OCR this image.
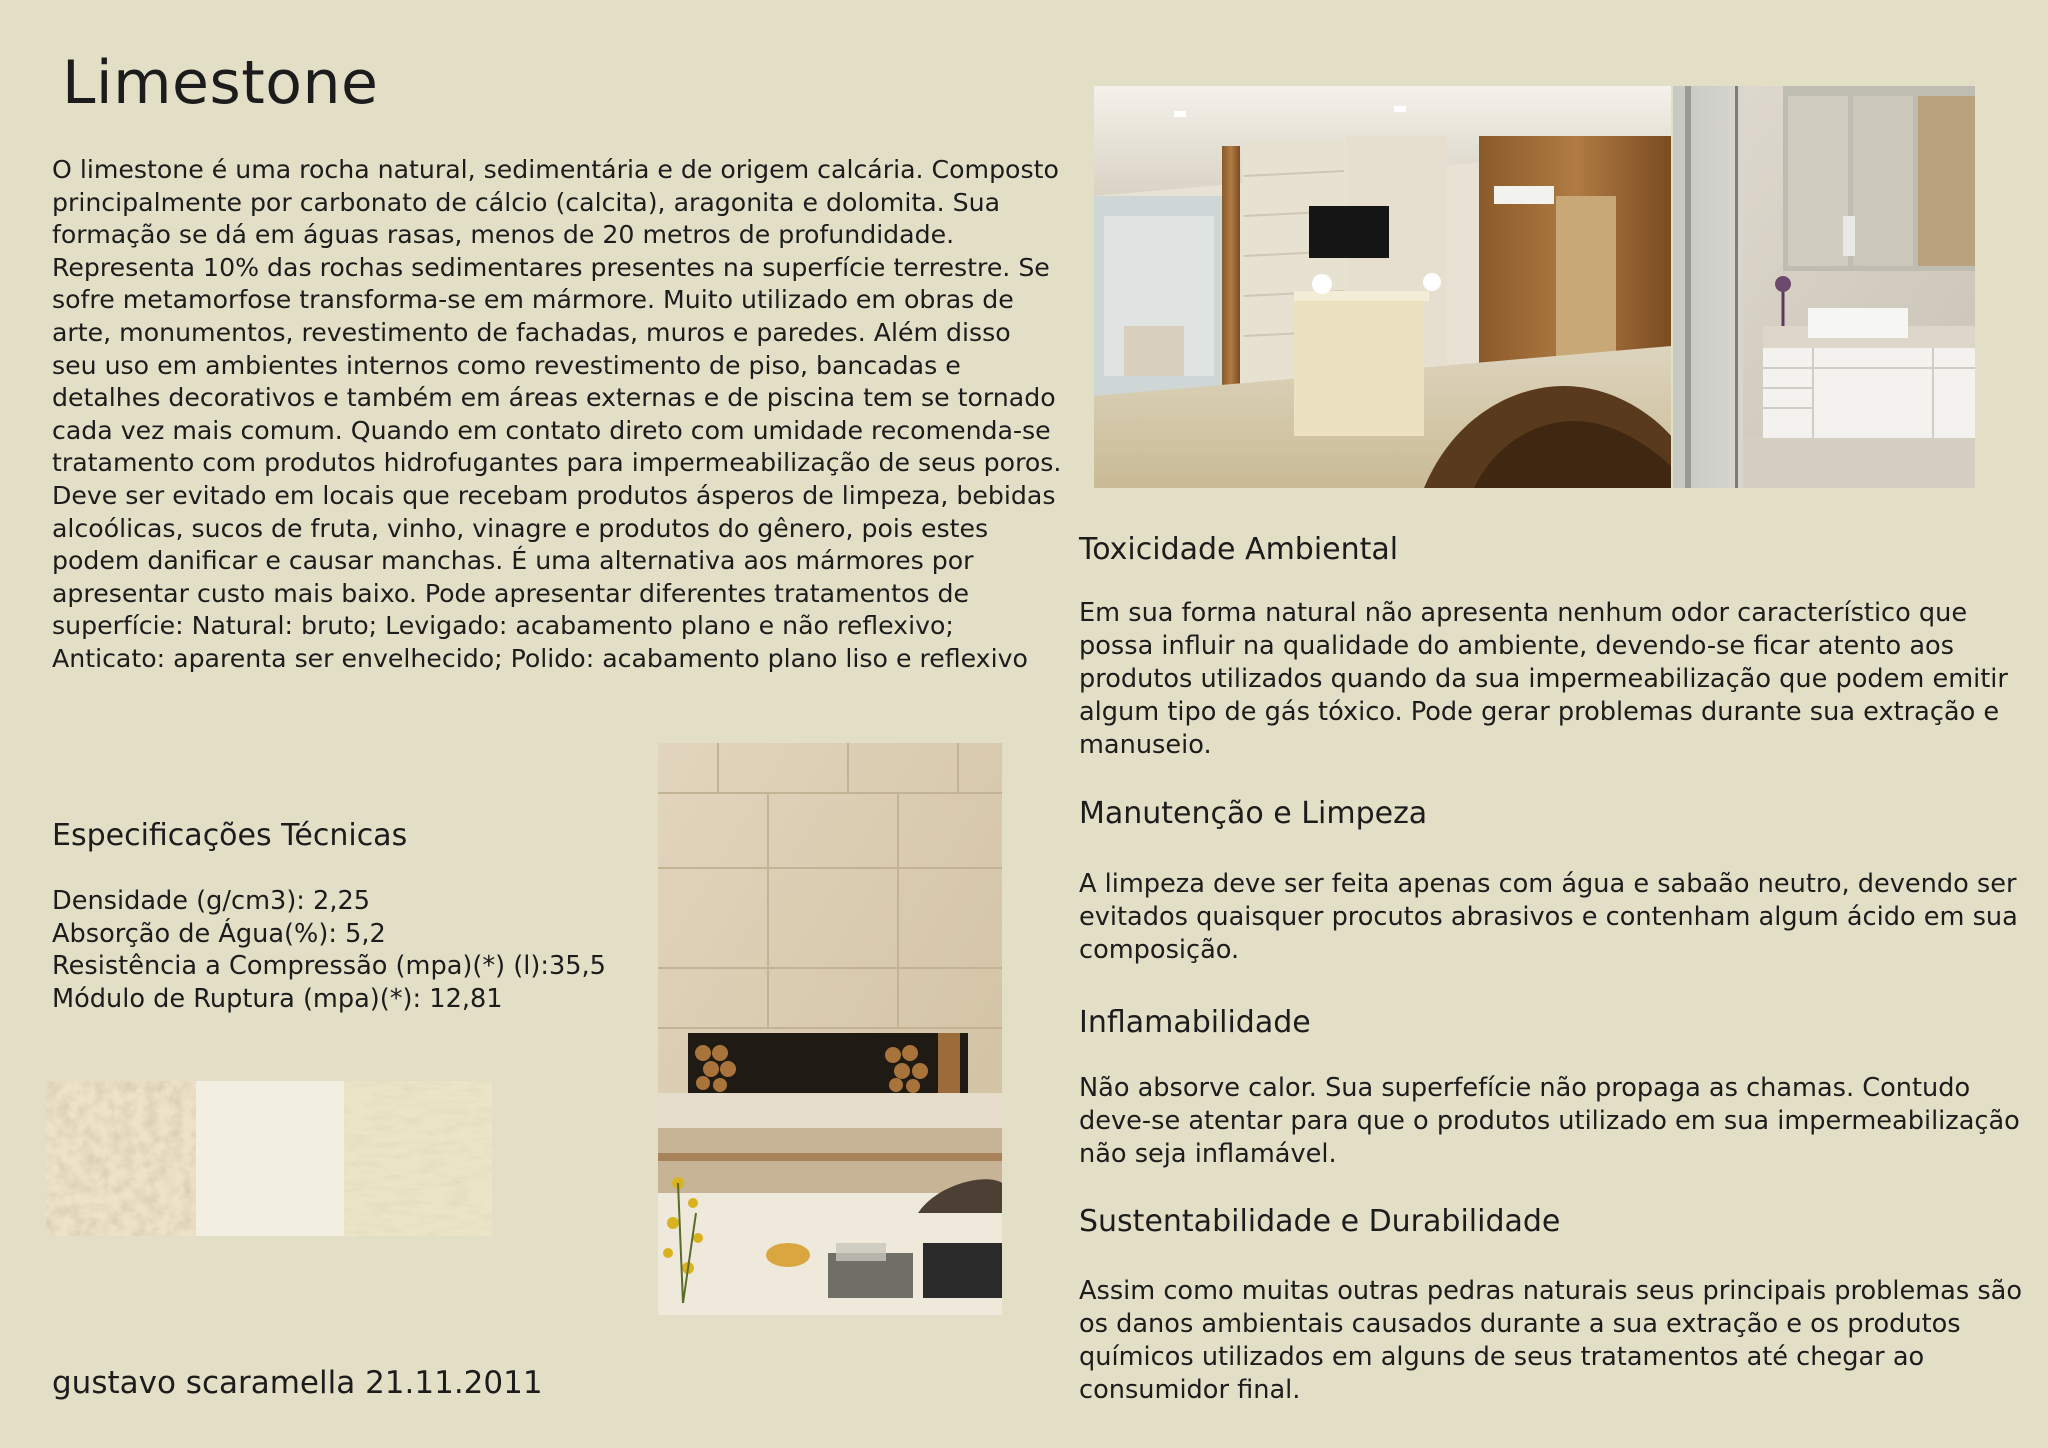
Limestone

O limestone é uma rocha natural, sedimentária e de origem calcária. Composto principalmente por carbonato de cálcio (calcita), aragonita e dolomita. Sua formação se dá em águas rasas, menos de 20 metros de profundidade. Representa 10% das rochas sedimentares presentes na superfície terrestre. Se sofre metamorfose transforma-se em mármore. Muito utilizado em obras de arte, monumentos, revestimento de fachadas, muros e paredes. Além disso seu uso em ambientes internos como revestimento de piso, bancadas e detalhes decorativos e também em áreas externas e de piscina tem se tornado cada vez mais comum. Quando em contato direto com umidade recomenda-se tratamento com produtos hidrofugantes para impermeabilização de seus poros. Deve ser evitado em locais que recebam produtos ásperos de limpeza, bebidas alcoólicas, sucos de fruta, vinho, vinagre e produtos do gênero, pois estes podem danificar e causar manchas. É uma alternativa aos mármores por apresentar custo mais baixo. Pode apresentar diferentes tratamentos de superfície: Natural: bruto; Levigado: acabamento plano e não reflexivo; Anticato: aparenta ser envelhecido; Polido: acabamento plano liso e reflexivo

Especificações Técnicas
Densidade (g/cm3): 2,25
Absorção de Água(%): 5,2
Resistência a Compressão (mpa)(*) (l):35,5
Módulo de Ruptura (mpa)(*): 12,81

gustavo scaramella 21.11.2011

Toxicidade Ambiental

Em sua forma natural não apresenta nenhum odor característico que possa influir na qualidade do ambiente, devendo-se ficar atento aos produtos utilizados quando da sua impermeabilização que podem emitir algum tipo de gás tóxico. Pode gerar problemas durante sua extração e manuseio.

Manutenção e Limpeza

A limpeza deve ser feita apenas com água e sabaão neutro, devendo ser evitados quaisquer procutos abrasivos e contenham algum ácido em sua composição.

Inflamabilidade

Não absorve calor. Sua superfefície não propaga as chamas. Contudo deve-se atentar para que o produtos utilizado em sua impermeabilização não seja inflamável.

Sustentabilidade e Durabilidade

Assim como muitas outras pedras naturais seus principais problemas são os danos ambientais causados durante a sua extração e os produtos químicos utilizados em alguns de seus tratamentos até chegar ao consumidor final.
